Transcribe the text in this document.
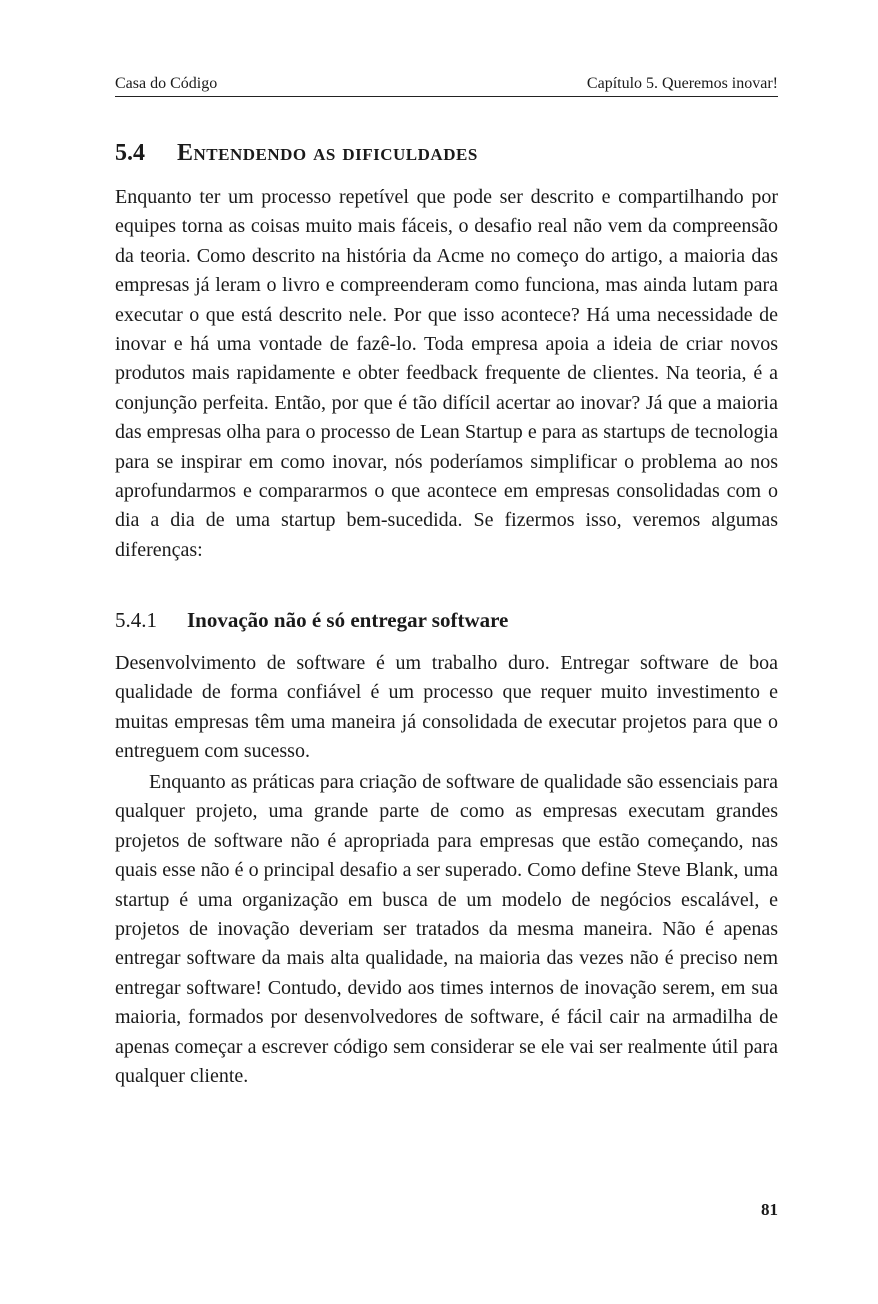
Casa do Código	Capítulo 5. Queremos inovar!
5.4 Entendendo as dificuldades

Enquanto ter um processo repetível que pode ser descrito e compartilhando por equipes torna as coisas muito mais fáceis, o desafio real não vem da compreensão da teoria. Como descrito na história da Acme no começo do artigo, a maioria das empresas já leram o livro e compreenderam como funciona, mas ainda lutam para executar o que está descrito nele. Por que isso acontece? Há uma necessidade de inovar e há uma vontade de fazê-lo. Toda empresa apoia a ideia de criar novos produtos mais rapidamente e obter feedback frequente de clientes. Na teoria, é a conjunção perfeita. Então, por que é tão difícil acertar ao inovar? Já que a maioria das empresas olha para o processo de Lean Startup e para as startups de tecnologia para se inspirar em como inovar, nós poderíamos simplificar o problema ao nos aprofundarmos e compararmos o que acontece em empresas consolidadas com o dia a dia de uma startup bem-sucedida. Se fizermos isso, veremos algumas diferenças:

5.4.1 Inovação não é só entregar software

Desenvolvimento de software é um trabalho duro. Entregar software de boa qualidade de forma confiável é um processo que requer muito investimento e muitas empresas têm uma maneira já consolidada de executar projetos para que o entreguem com sucesso.

Enquanto as práticas para criação de software de qualidade são essenciais para qualquer projeto, uma grande parte de como as empresas executam grandes projetos de software não é apropriada para empresas que estão começando, nas quais esse não é o principal desafio a ser superado. Como define Steve Blank, uma startup é uma organização em busca de um modelo de negócios escalável, e projetos de inovação deveriam ser tratados da mesma maneira. Não é apenas entregar software da mais alta qualidade, na maioria das vezes não é preciso nem entregar software! Contudo, devido aos times internos de inovação serem, em sua maioria, formados por desenvolvedores de software, é fácil cair na armadilha de apenas começar a escrever código sem considerar se ele vai ser realmente útil para qualquer cliente.

81
